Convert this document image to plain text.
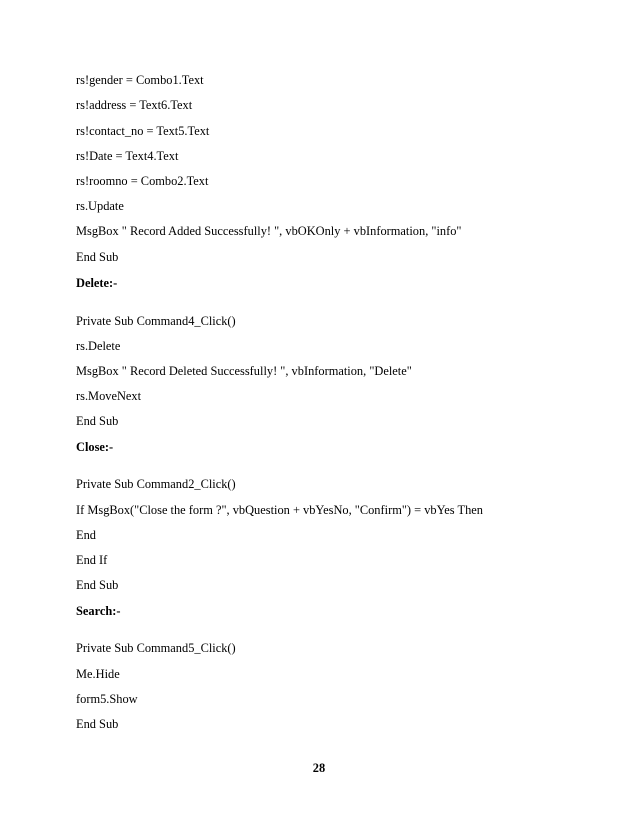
rs!gender = Combo1.Text
rs!address = Text6.Text
rs!contact_no = Text5.Text
rs!Date = Text4.Text
rs!roomno = Combo2.Text
rs.Update
MsgBox " Record Added Successfully! ", vbOKOnly + vbInformation, "info"
End Sub
Delete:-
Private Sub Command4_Click()
rs.Delete
MsgBox " Record Deleted Successfully! ", vbInformation, "Delete"
rs.MoveNext
End Sub
Close:-
Private Sub Command2_Click()
If MsgBox("Close the form ?", vbQuestion + vbYesNo, "Confirm") = vbYes Then
End
End If
End Sub
Search:-
Private Sub Command5_Click()
Me.Hide
form5.Show
End Sub
28
